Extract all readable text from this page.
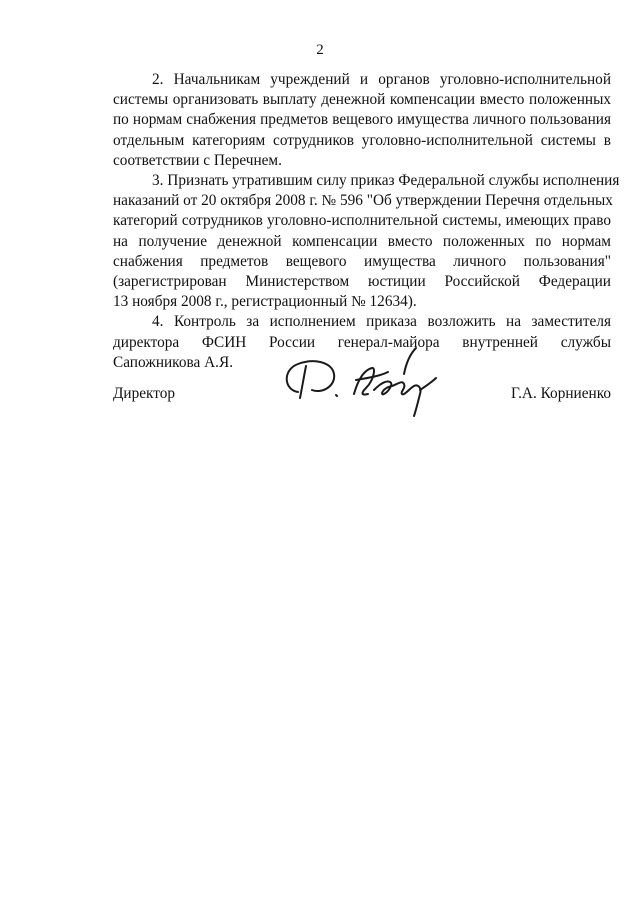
2

2. Начальникам учреждений и органов уголовно-исполнительной
системы организовать выплату денежной компенсации вместо положенных
по нормам снабжения предметов вещевого имущества личного пользования
отдельным категориям сотрудников уголовно-исполнительной системы в
соответствии с Перечнем.

3. Признать утратившим силу приказ Федеральной службы исполнения
наказаний от 20 октября 2008 г. № 596 "Об утверждении Перечня отдельных
категорий сотрудников уголовно-исполнительной системы, имеющих право
на получение денежной компенсации вместо положенных по нормам
снабжения предметов вещевого имущества личного пользования"
(зарегистрирован Министерством юстиции Российской Федерации
13 ноября 2008 г., регистрационный № 12634).

4. Контроль за исполнением приказа возложить на заместителя
директора ФСИН России генерал-майора внутренней службы
Сапожникова А.Я.

Директор	Г.А. Корниенко
